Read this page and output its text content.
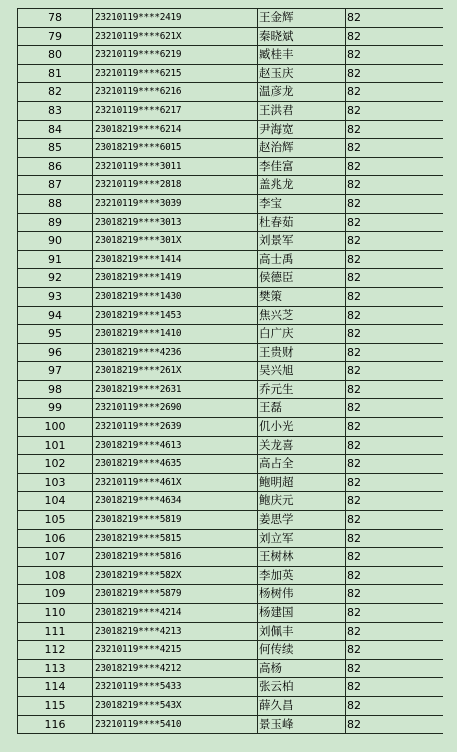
78	23210119****2419	王金辉	82
79	23210119****621X	秦晓斌	82
80	23210119****6219	臧桂丰	82
81	23210119****6215	赵玉庆	82
82	23210119****6216	温彦龙	82
83	23210119****6217	王洪君	82
84	23018219****6214	尹海宽	82
85	23018219****6015	赵治辉	82
86	23210119****3011	李佳富	82
87	23210119****2818	盖兆龙	82
88	23210119****3039	李宝	82
89	23018219****3013	杜春茹	82
90	23018219****301X	刘景军	82
91	23018219****1414	高士禹	82
92	23018219****1419	侯德臣	82
93	23018219****1430	樊策	82
94	23018219****1453	焦兴芝	82
95	23018219****1410	白广庆	82
96	23018219****4236	王贵财	82
97	23018219****261X	吴兴旭	82
98	23018219****2631	乔元生	82
99	23210119****2690	王磊	82
100	23210119****2639	仉小光	82
101	23018219****4613	关龙喜	82
102	23018219****4635	高占全	82
103	23210119****461X	鲍明超	82
104	23018219****4634	鲍庆元	82
105	23018219****5819	姜思学	82
106	23018219****5815	刘立军	82
107	23018219****5816	王树林	82
108	23018219****582X	李加英	82
109	23018219****5879	杨树伟	82
110	23018219****4214	杨建国	82
111	23018219****4213	刘佩丰	82
112	23210119****4215	何传续	82
113	23018219****4212	高杨	82
114	23210119****5433	张云柏	82
115	23018219****543X	薛久昌	82
116	23210119****5410	景玉峰	82
